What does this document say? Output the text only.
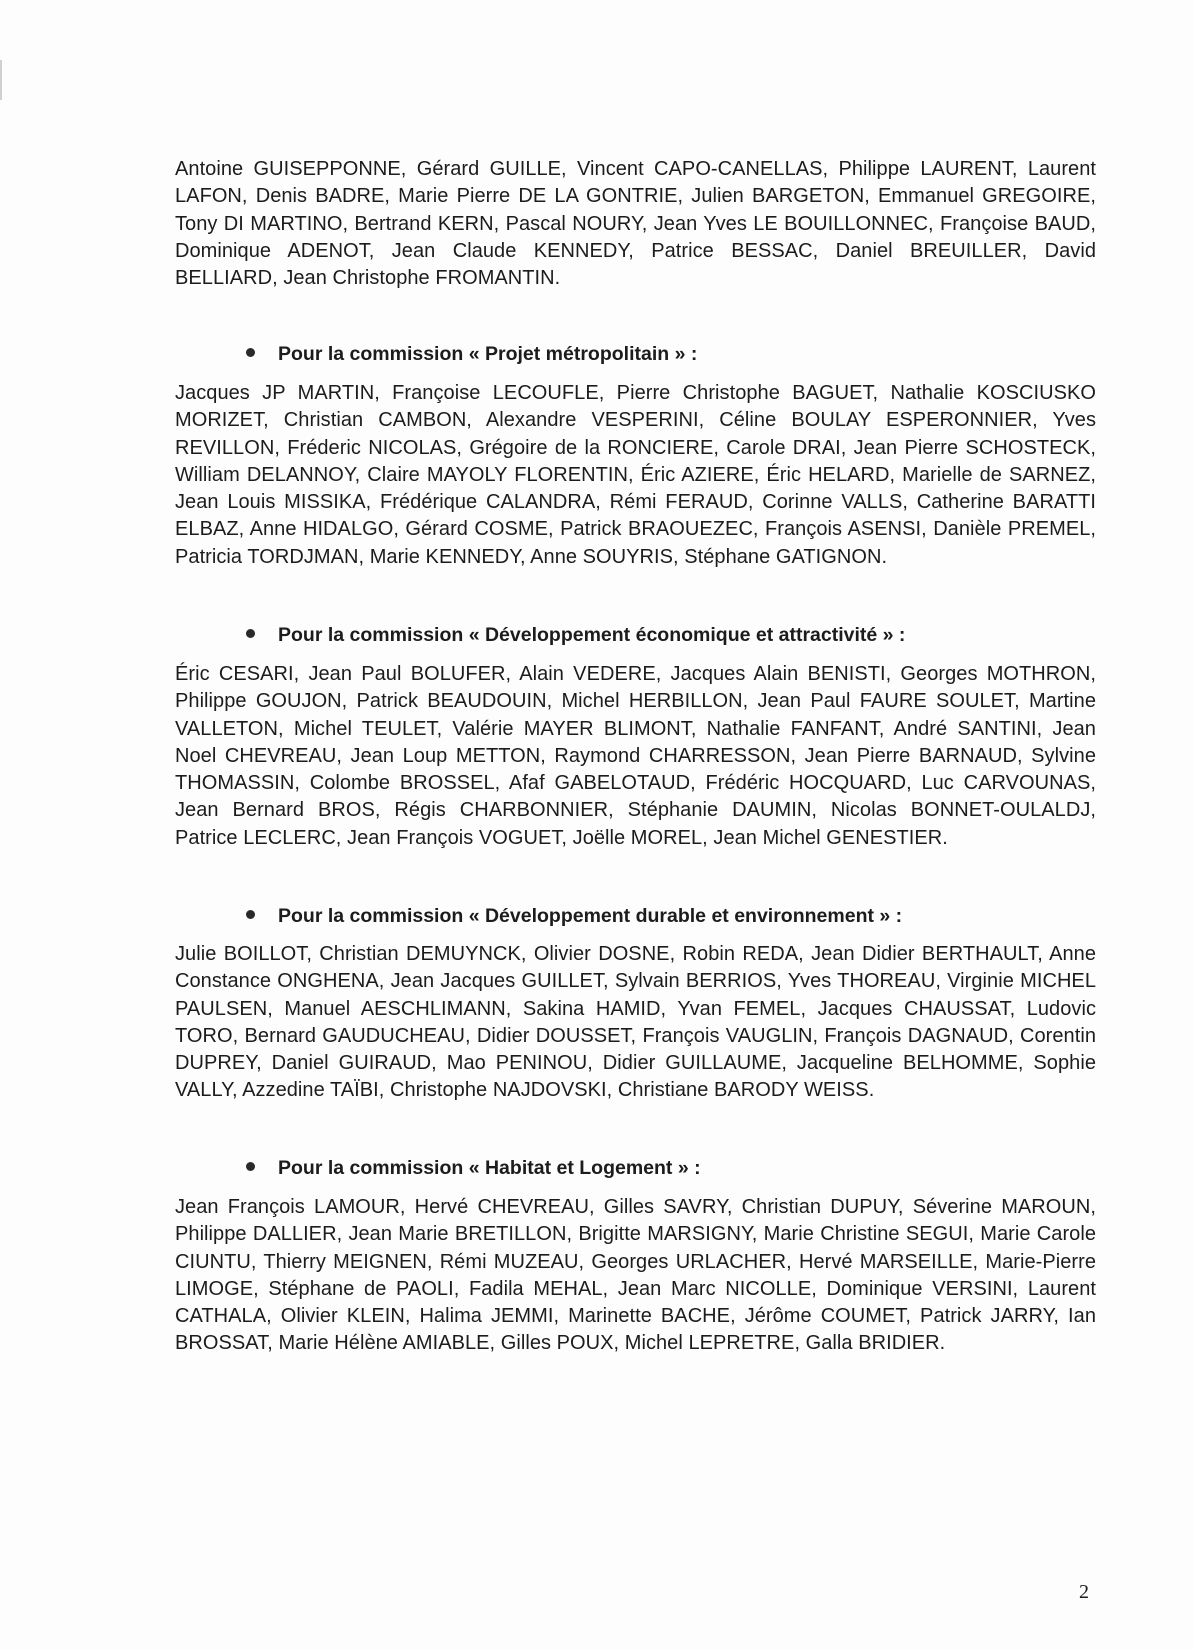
Antoine GUISEPPONNE, Gérard GUILLE, Vincent CAPO-CANELLAS, Philippe LAURENT, Laurent LAFON, Denis BADRE, Marie Pierre DE LA GONTRIE, Julien BARGETON, Emmanuel GREGOIRE, Tony DI MARTINO, Bertrand KERN, Pascal NOURY, Jean Yves LE BOUILLONNEC, Françoise BAUD, Dominique ADENOT, Jean Claude KENNEDY, Patrice BESSAC, Daniel BREUILLER, David BELLIARD, Jean Christophe FROMANTIN.

Pour la commission « Projet métropolitain » :

Jacques JP MARTIN, Françoise LECOUFLE, Pierre Christophe BAGUET, Nathalie KOSCIUSKO MORIZET, Christian CAMBON, Alexandre VESPERINI, Céline BOULAY ESPERONNIER, Yves REVILLON, Fréderic NICOLAS, Grégoire de la RONCIERE, Carole DRAI, Jean Pierre SCHOSTECK, William DELANNOY, Claire MAYOLY FLORENTIN, Éric AZIERE, Éric HELARD, Marielle de SARNEZ, Jean Louis MISSIKA, Frédérique CALANDRA, Rémi FERAUD, Corinne VALLS, Catherine BARATTI ELBAZ, Anne HIDALGO, Gérard COSME, Patrick BRAOUEZEC, François ASENSI, Danièle PREMEL, Patricia TORDJMAN, Marie KENNEDY, Anne SOUYRIS, Stéphane GATIGNON.

Pour la commission « Développement économique et attractivité » :

Éric CESARI, Jean Paul BOLUFER, Alain VEDERE, Jacques Alain BENISTI, Georges MOTHRON, Philippe GOUJON, Patrick BEAUDOUIN, Michel HERBILLON, Jean Paul FAURE SOULET, Martine VALLETON, Michel TEULET, Valérie MAYER BLIMONT, Nathalie FANFANT, André SANTINI, Jean Noel CHEVREAU, Jean Loup METTON, Raymond CHARRESSON, Jean Pierre BARNAUD, Sylvine THOMASSIN, Colombe BROSSEL, Afaf GABELOTAUD, Frédéric HOCQUARD, Luc CARVOUNAS, Jean Bernard BROS, Régis CHARBONNIER, Stéphanie DAUMIN, Nicolas BONNET-OULALDJ, Patrice LECLERC, Jean François VOGUET, Joëlle MOREL, Jean Michel GENESTIER.

Pour la commission « Développement durable et environnement » :

Julie BOILLOT, Christian DEMUYNCK, Olivier DOSNE, Robin REDA, Jean Didier BERTHAULT, Anne Constance ONGHENA, Jean Jacques GUILLET, Sylvain BERRIOS, Yves THOREAU, Virginie MICHEL PAULSEN, Manuel AESCHLIMANN, Sakina HAMID, Yvan FEMEL, Jacques CHAUSSAT, Ludovic TORO, Bernard GAUDUCHEAU, Didier DOUSSET, François VAUGLIN, François DAGNAUD, Corentin DUPREY, Daniel GUIRAUD, Mao PENINOU, Didier GUILLAUME, Jacqueline BELHOMME, Sophie VALLY, Azzedine TAÏBI, Christophe NAJDOVSKI, Christiane BARODY WEISS.

Pour la commission « Habitat et Logement » :

Jean François LAMOUR, Hervé CHEVREAU, Gilles SAVRY, Christian DUPUY, Séverine MAROUN, Philippe DALLIER, Jean Marie BRETILLON, Brigitte MARSIGNY, Marie Christine SEGUI, Marie Carole CIUNTU, Thierry MEIGNEN, Rémi MUZEAU, Georges URLACHER, Hervé MARSEILLE, Marie-Pierre LIMOGE, Stéphane de PAOLI, Fadila MEHAL, Jean Marc NICOLLE, Dominique VERSINI, Laurent CATHALA, Olivier KLEIN, Halima JEMMI, Marinette BACHE, Jérôme COUMET, Patrick JARRY, Ian BROSSAT, Marie Hélène AMIABLE, Gilles POUX, Michel LEPRETRE, Galla BRIDIER.

2
